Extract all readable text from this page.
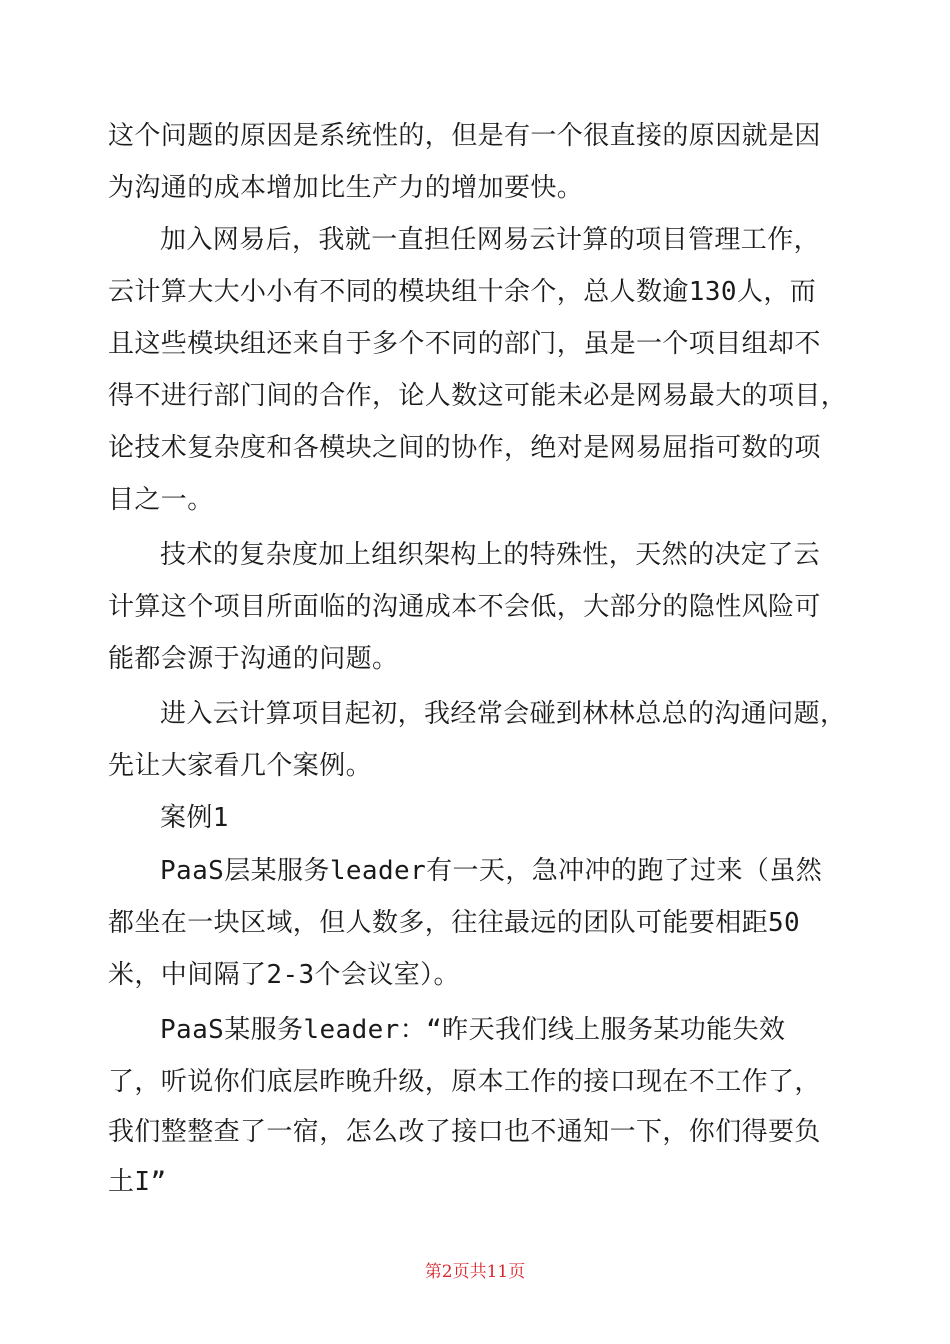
这个问题的原因是系统性的，但是有一个很直接的原因就是因
为沟通的成本增加比生产力的增加要快。
加入网易后，我就一直担任网易云计算的项目管理工作，
云计算大大小小有不同的模块组十余个，总人数逾130人，而
且这些模块组还来自于多个不同的部门，虽是一个项目组却不
得不进行部门间的合作，论人数这可能未必是网易最大的项目，
论技术复杂度和各模块之间的协作，绝对是网易屈指可数的项
目之一。
技术的复杂度加上组织架构上的特殊性，天然的决定了云
计算这个项目所面临的沟通成本不会低，大部分的隐性风险可
能都会源于沟通的问题。
进入云计算项目起初，我经常会碰到林林总总的沟通问题，
先让大家看几个案例。
案例1
PaaS层某服务leader有一天，急冲冲的跑了过来（虽然
都坐在一块区域，但人数多，往往最远的团队可能要相距50
米，中间隔了2-3个会议室）。
PaaS某服务leader：“昨天我们线上服务某功能失效
了，听说你们底层昨晚升级，原本工作的接口现在不工作了，
我们整整查了一宿，怎么改了接口也不通知一下，你们得要负
土I”
第2页共11页
